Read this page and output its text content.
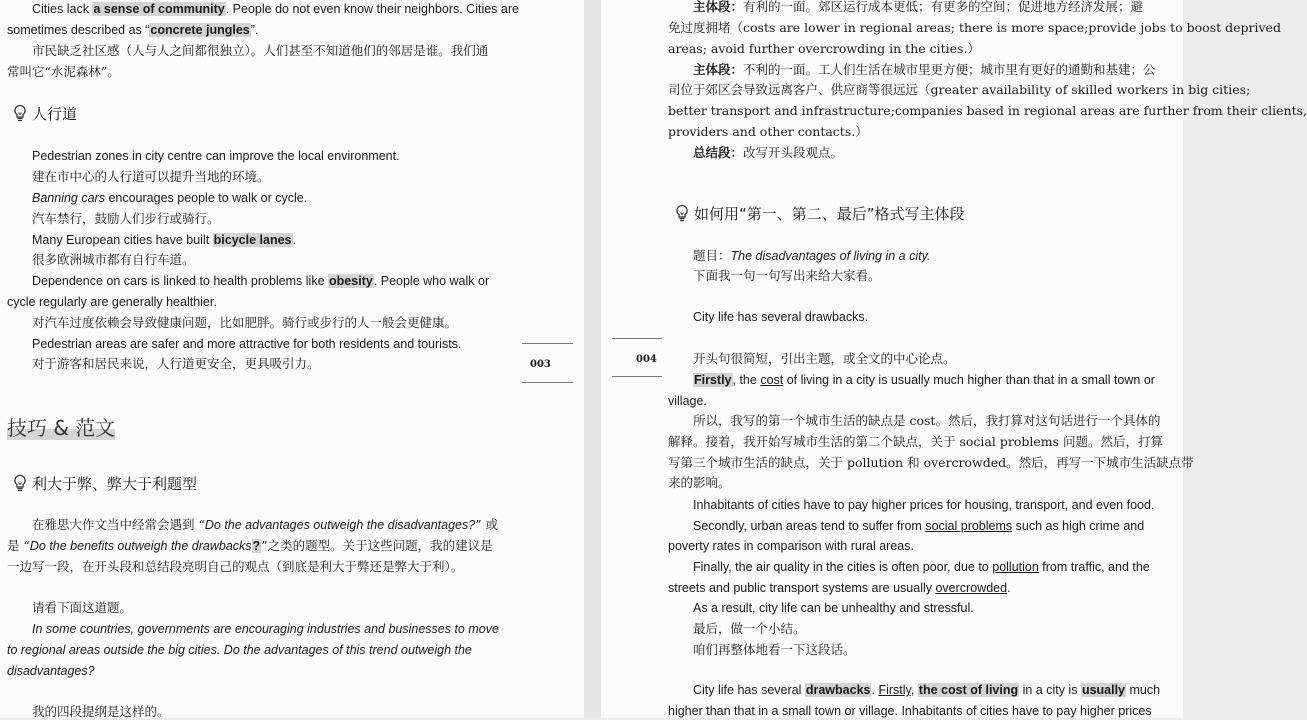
Cities lack a sense of community. People do not even know their neighbors. Cities are
sometimes described as “concrete jungles”.
市民缺乏社区感（人与人之间都很独立）。人们甚至不知道他们的邻居是谁。我们通
常叫它“水泥森林”。
人行道
Pedestrian zones in city centre can improve the local environment.
建在市中心的人行道可以提升当地的环境。
Banning cars encourages people to walk or cycle.
汽车禁行，鼓励人们步行或骑行。
Many European cities have built bicycle lanes.
很多欧洲城市都有自行车道。
Dependence on cars is linked to health problems like obesity. People who walk or
cycle regularly are generally healthier.
对汽车过度依赖会导致健康问题，比如肥胖。骑行或步行的人一般会更健康。
Pedestrian areas are safer and more attractive for both residents and tourists.
对于游客和居民来说，人行道更安全，更具吸引力。	003
技巧 & 范文
利大于弊、弊大于利题型
在雅思大作文当中经常会遇到 “Do the advantages outweigh the disadvantages?” 或
是 “Do the benefits outweigh the drawbacks?”之类的题型。关于这些问题，我的建议是
一边写一段，在开头段和总结段亮明自己的观点（到底是利大于弊还是弊大于利）。
请看下面这道题。
In some countries, governments are encouraging industries and businesses to move
to regional areas outside the big cities. Do the advantages of this trend outweigh the
disadvantages?
我的四段提纲是这样的。
主体段：有利的一面。郊区运行成本更低；有更多的空间；促进地方经济发展；避
免过度拥堵（costs are lower in regional areas; there is more space;provide jobs to boost deprived
areas; avoid further overcrowding in the cities.）
主体段：不利的一面。工人们生活在城市里更方便；城市里有更好的通勤和基建；公
司位于郊区会导致远离客户、供应商等很远远（greater availability of skilled workers in big cities;
better transport and infrastructure;companies based in regional areas are further from their clients,
providers and other contacts.）
总结段：改写开头段观点。
如何用“第一、第二、最后”格式写主体段
题目：The disadvantages of living in a city.
下面我一句一句写出来给大家看。
City life has several drawbacks.
004	开头句很简短，引出主题，或全文的中心论点。
Firstly, the cost of living in a city is usually much higher than that in a small town or
village.
所以，我写的第一个城市生活的缺点是 cost。然后，我打算对这句话进行一个具体的
解释。接着，我开始写城市生活的第二个缺点，关于 social problems 问题。然后，打算
写第三个城市生活的缺点，关于 pollution 和 overcrowded。然后，再写一下城市生活缺点带
来的影响。
Inhabitants of cities have to pay higher prices for housing, transport, and even food.
Secondly, urban areas tend to suffer from social problems such as high crime and
poverty rates in comparison with rural areas.
Finally, the air quality in the cities is often poor, due to pollution from traffic, and the
streets and public transport systems are usually overcrowded.
As a result, city life can be unhealthy and stressful.
最后，做一个小结。
咱们再整体地看一下这段话。
City life has several drawbacks. Firstly, the cost of living in a city is usually much
higher than that in a small town or village. Inhabitants of cities have to pay higher prices
